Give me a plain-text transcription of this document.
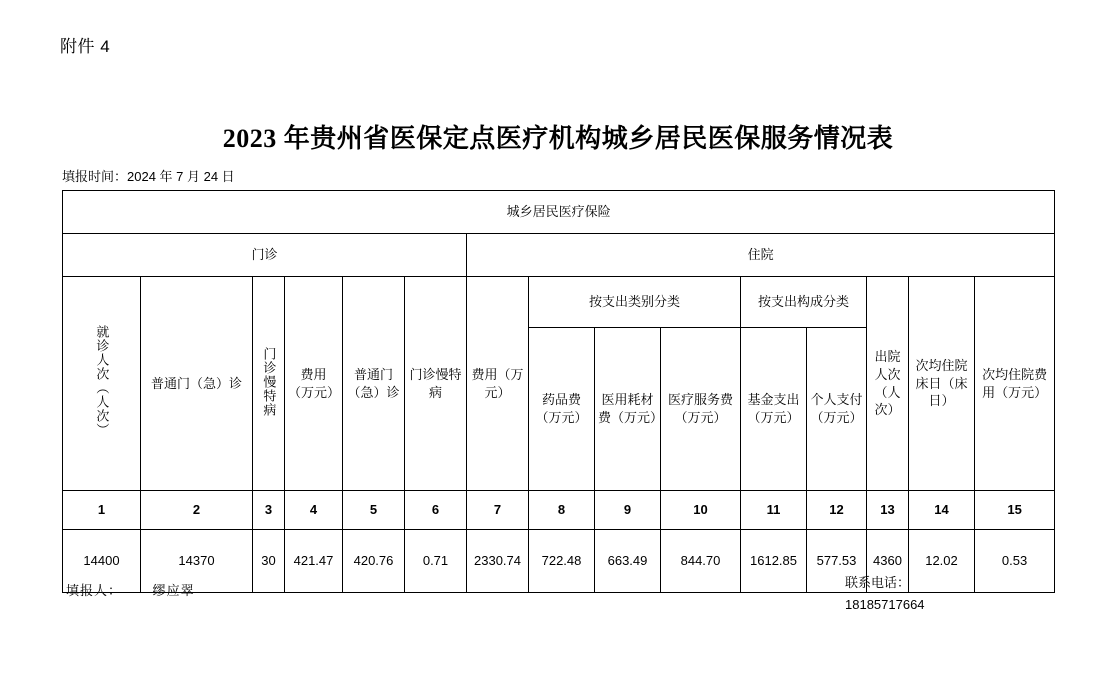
附件 4
2023 年贵州省医保定点医疗机构城乡居民医保服务情况表
填报时间：2024 年 7 月 24 日
城乡居民医疗保险														
门诊						住院								
就诊人次（人次）	普通门（急）诊	门诊慢特病	费用（万元）	普通门（急）诊	门诊慢特病	费用（万元）	按支出类别分类			按支出构成分类		出院人次（人次）	次均住院床日（床日）	次均住院费用（万元）
							药品费（万元）	医用耗材费（万元）	医疗服务费（万元）	基金支出（万元）	个人支付（万元）			
1	2	3	4	5	6	7	8	9	10	11	12	13	14	15
14400	14370	30	421.47	420.76	0.71	2330.74	722.48	663.49	844.70	1612.85	577.53	4360	12.02	0.53
填报人： 缪应翠
联系电话：
18185717664
